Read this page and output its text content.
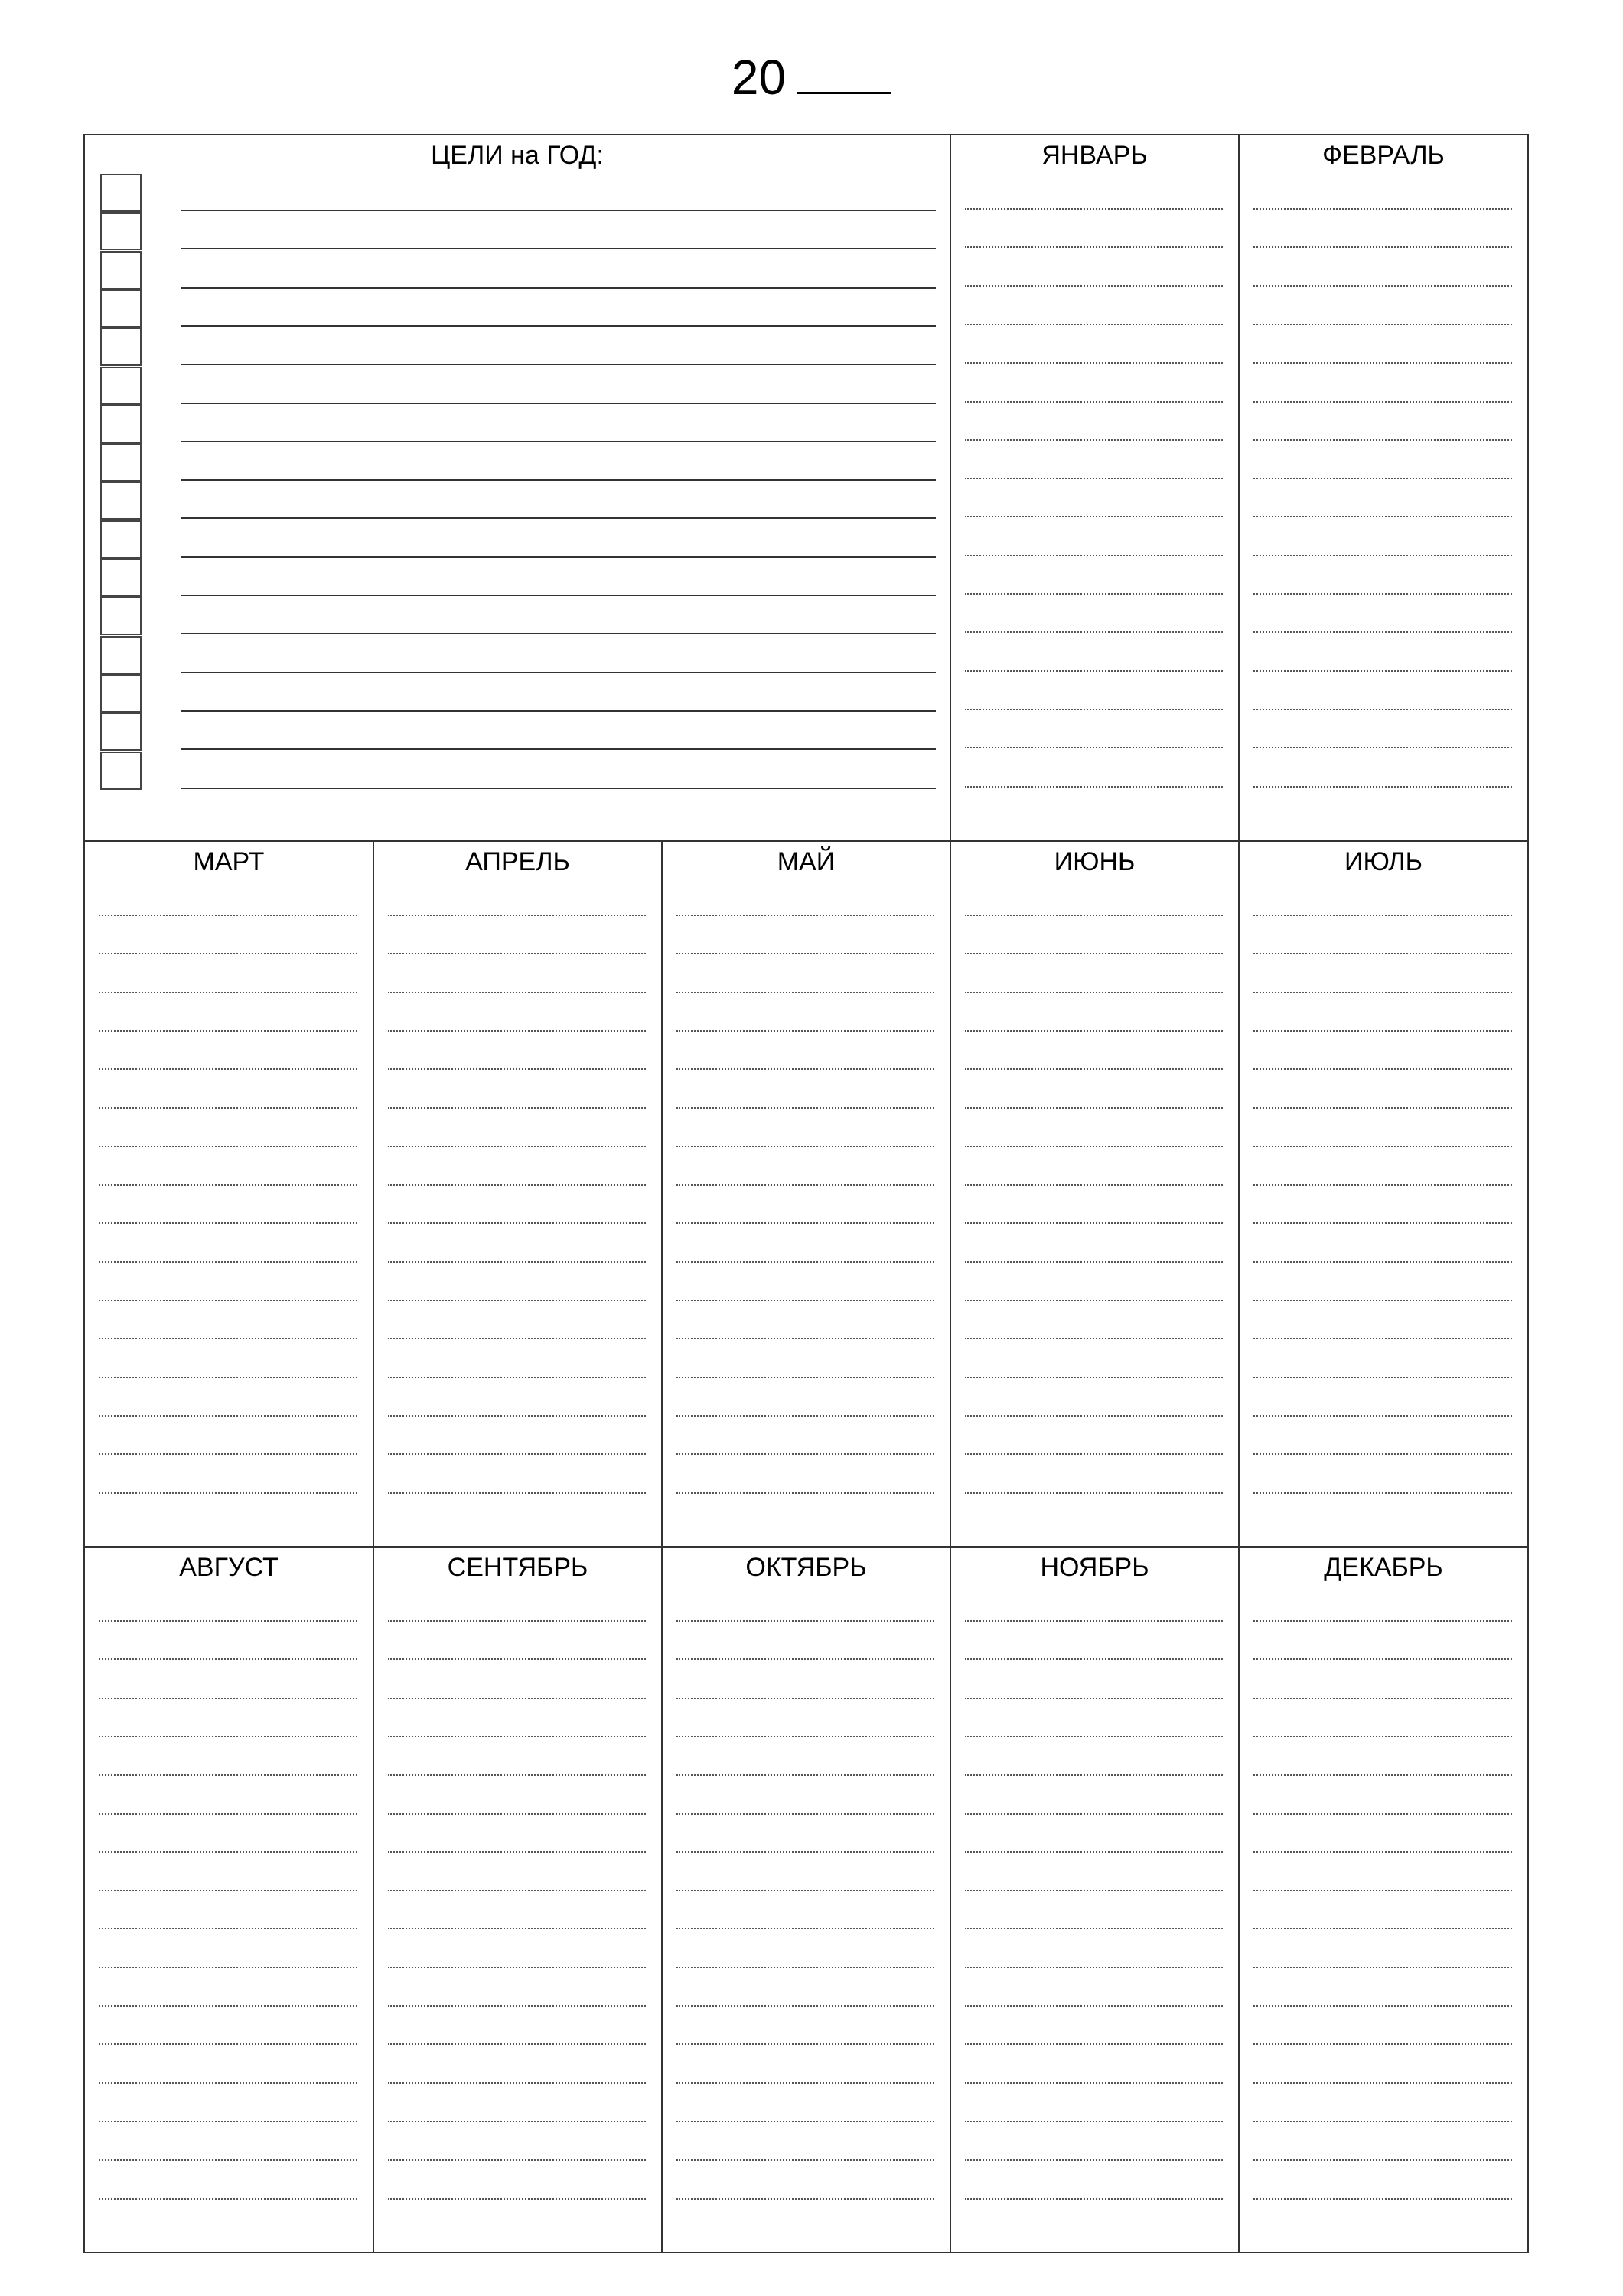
20
ЦЕЛИ на ГОД:	ЯНВАРЬ	ФЕВРАЛЬ
МАРТ	АПРЕЛЬ	МАЙ	ИЮНЬ	ИЮЛЬ
АВГУСТ	СЕНТЯБРЬ	ОКТЯБРЬ	НОЯБРЬ	ДЕКАБРЬ
